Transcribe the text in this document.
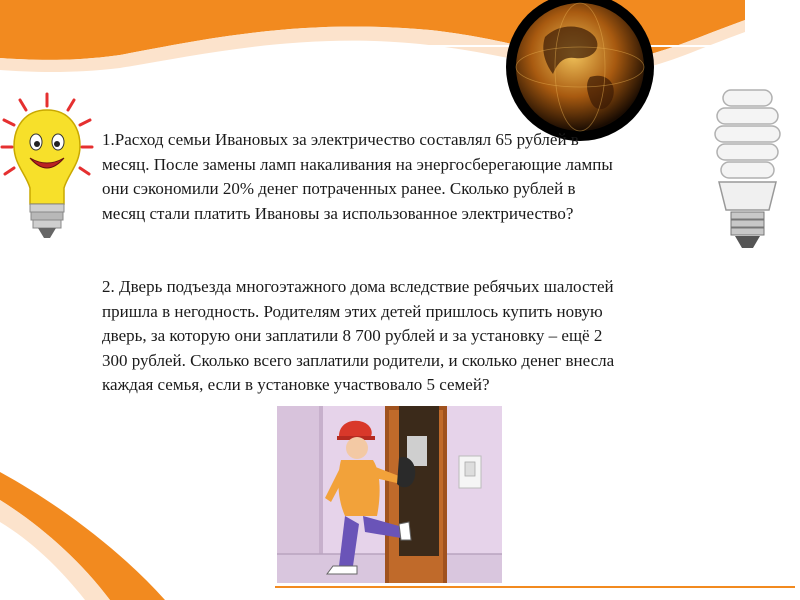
1.Расход семьи Ивановых за электричество составлял 65 рублей в
месяц. После замены ламп накаливания на энергосберегающие лампы
они сэкономили 20% денег потраченных ранее. Сколько рублей в
месяц стали платить Ивановы за использованное электричество?

2. Дверь подъезда многоэтажного дома вследствие ребячьих шалостей
пришла в негодность. Родителям этих детей пришлось купить новую
дверь, за которую они заплатили 8 700 рублей и за установку – ещё 2
300 рублей. Сколько всего заплатили родители, и сколько денег внесла
каждая семья, если в установке участвовало 5 семей?
